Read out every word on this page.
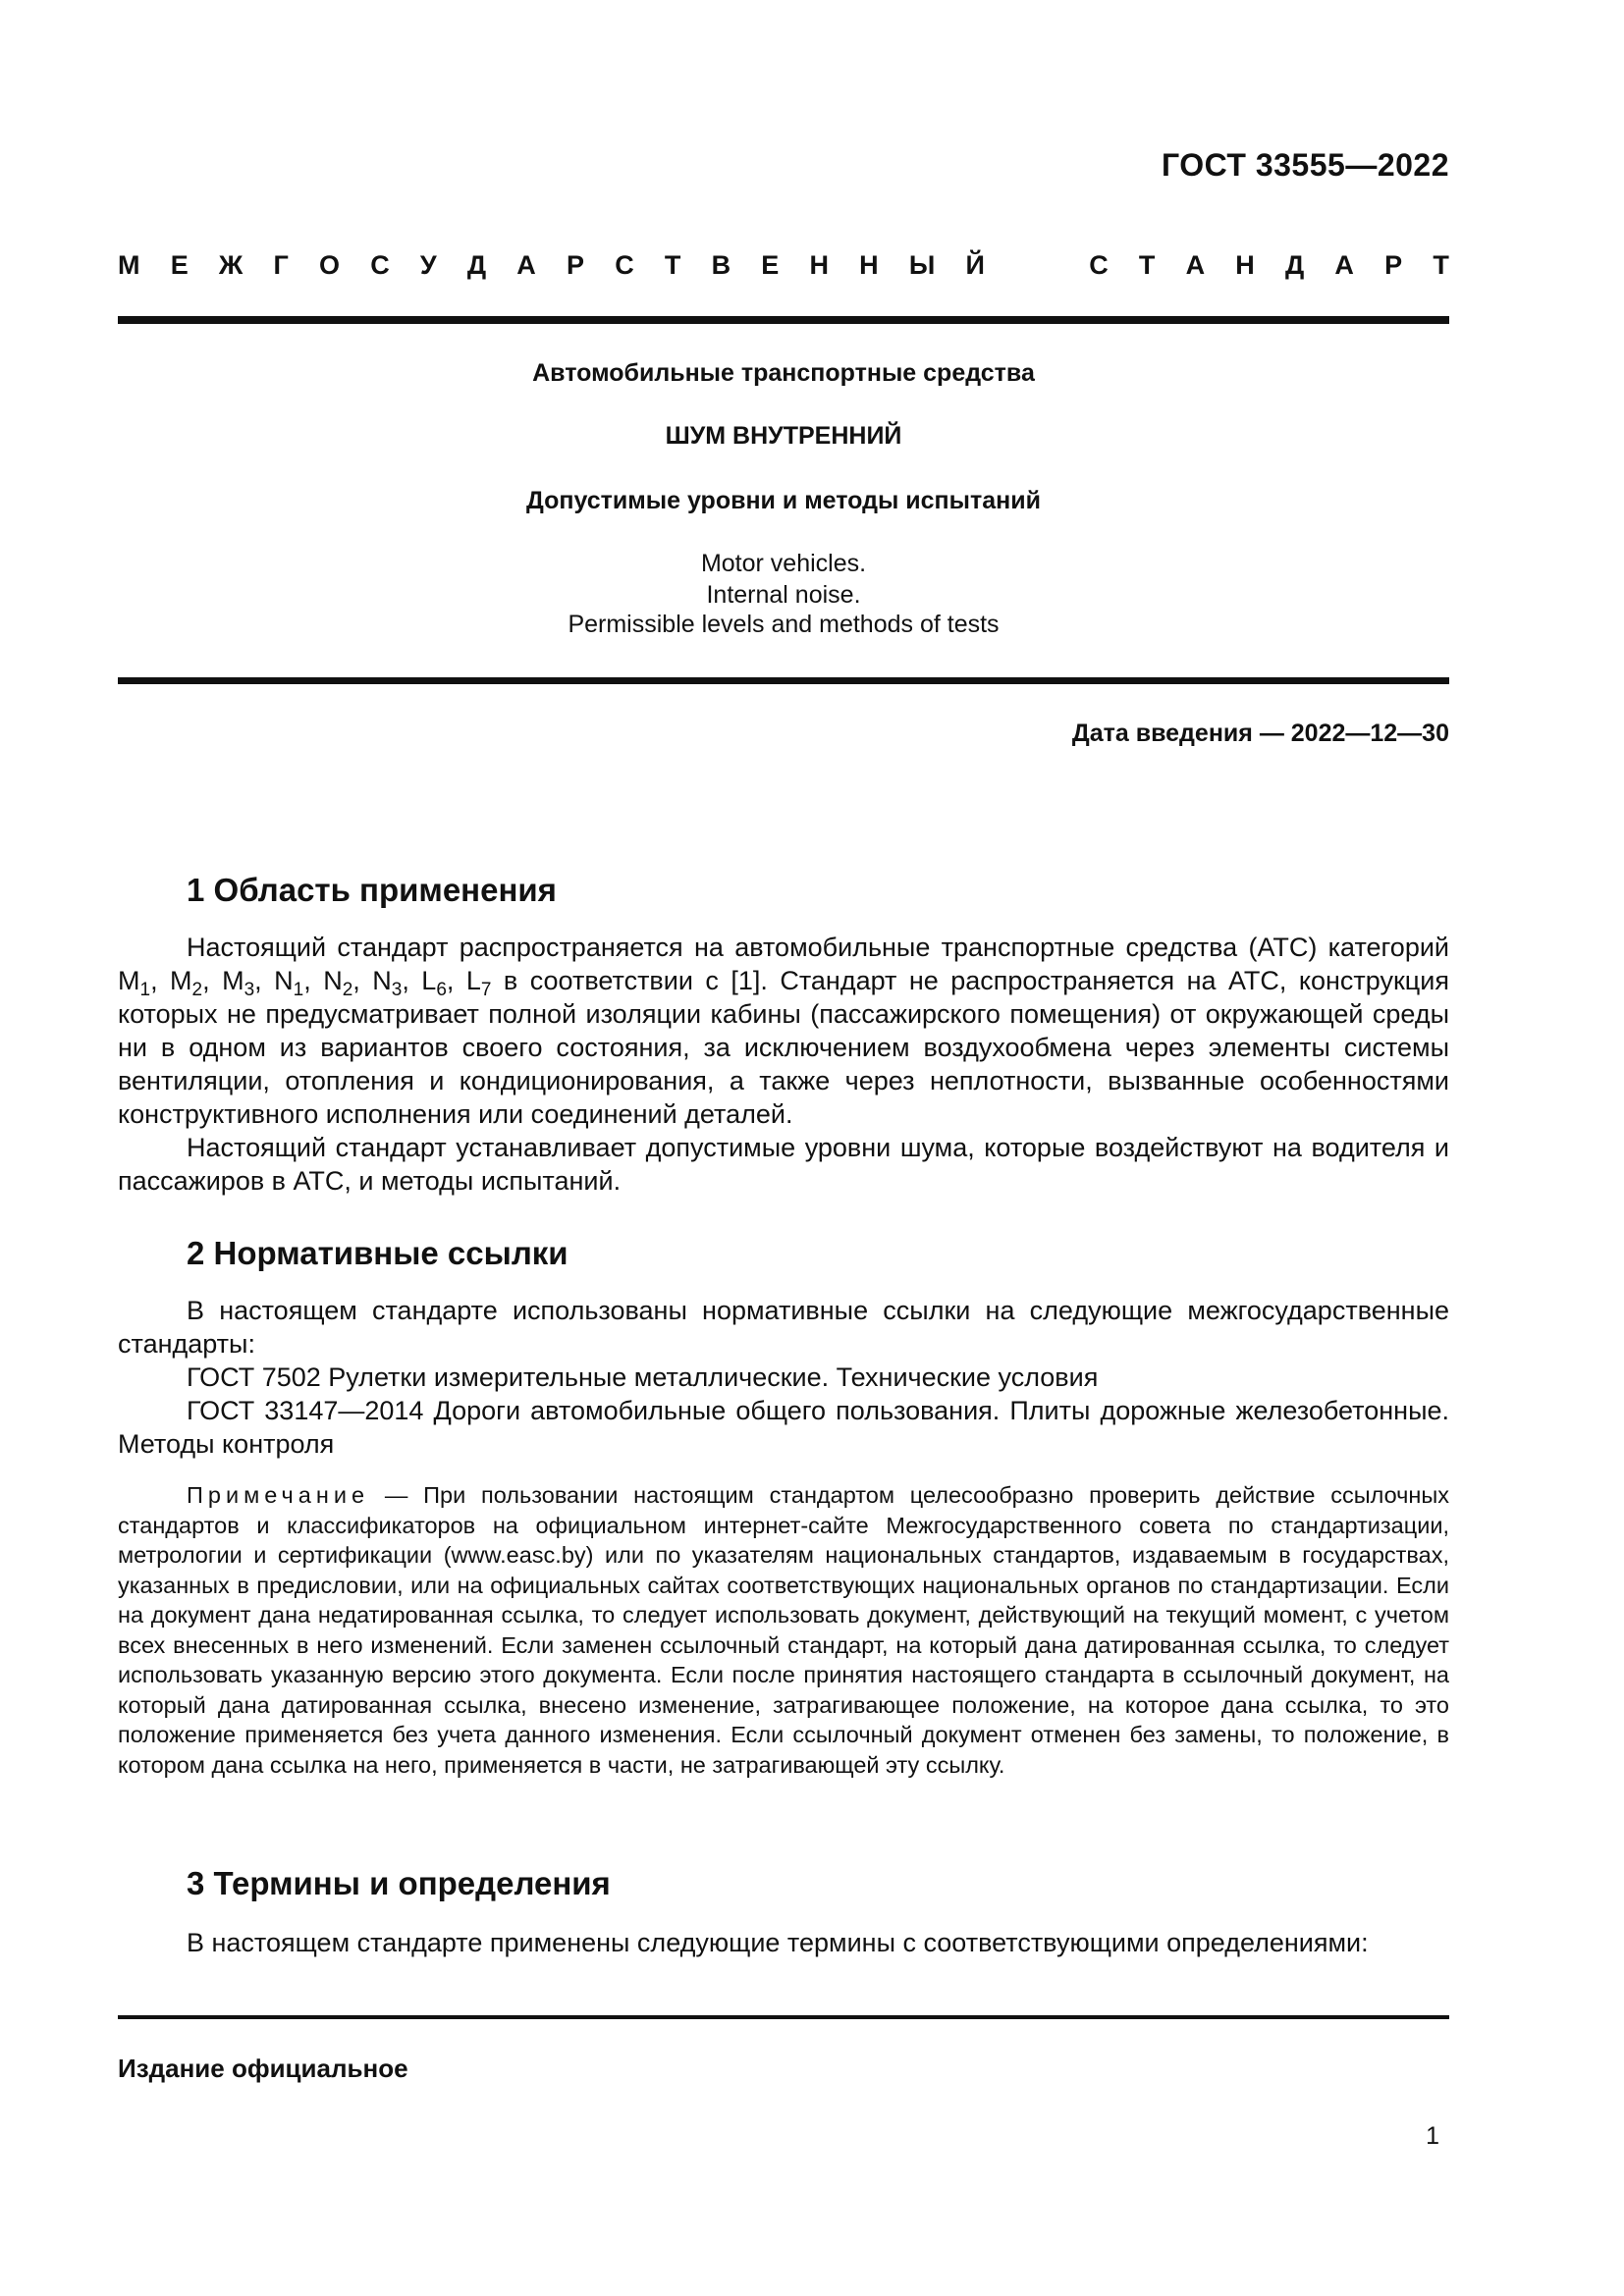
ГОСТ 33555—2022
М Е Ж Г О С У Д А Р С Т В Е Н Н Ы Й	С Т А Н Д А Р Т
Автомобильные транспортные средства
ШУМ ВНУТРЕННИЙ
Допустимые уровни и методы испытаний
Motor vehicles.
Internal noise.
Permissible levels and methods of tests
Дата введения — 2022—12—30
1 Область применения

Настоящий стандарт распространяется на автомобильные транспортные средства (АТС) категорий $M_1$, $M_2$, $M_3$, $N_1$, $N_2$, $N_3$, $L_6$, $L_7$ в соответствии с [1]. Стандарт не распространяется на АТС, конструкция которых не предусматривает полной изоляции кабины (пассажирского помещения) от окружающей среды ни в одном из вариантов своего состояния, за исключением воздухообмена через элементы системы вентиляции, отопления и кондиционирования, а также через неплотности, вызванные особенностями конструктивного исполнения или соединений деталей.

Настоящий стандарт устанавливает допустимые уровни шума, которые воздействуют на водителя и пассажиров в АТС, и методы испытаний.

2 Нормативные ссылки

В настоящем стандарте использованы нормативные ссылки на следующие межгосударственные стандарты:

ГОСТ 7502 Рулетки измерительные металлические. Технические условия

ГОСТ 33147—2014 Дороги автомобильные общего пользования. Плиты дорожные железобетонные. Методы контроля

Примечание — При пользовании настоящим стандартом целесообразно проверить действие ссылочных стандартов и классификаторов на официальном интернет-сайте Межгосударственного совета по стандартизации, метрологии и сертификации (www.easc.by) или по указателям национальных стандартов, издаваемым в государствах, указанных в предисловии, или на официальных сайтах соответствующих национальных органов по стандартизации. Если на документ дана недатированная ссылка, то следует использовать документ, действующий на текущий момент, с учетом всех внесенных в него изменений. Если заменен ссылочный стандарт, на который дана датированная ссылка, то следует использовать указанную версию этого документа. Если после принятия настоящего стандарта в ссылочный документ, на который дана датированная ссылка, внесено изменение, затрагивающее положение, на которое дана ссылка, то это положение применяется без учета данного изменения. Если ссылочный документ отменен без замены, то положение, в котором дана ссылка на него, применяется в части, не затрагивающей эту ссылку.
3 Термины и определения

В настоящем стандарте применены следующие термины с соответствующими определениями:

Издание официальное
1
